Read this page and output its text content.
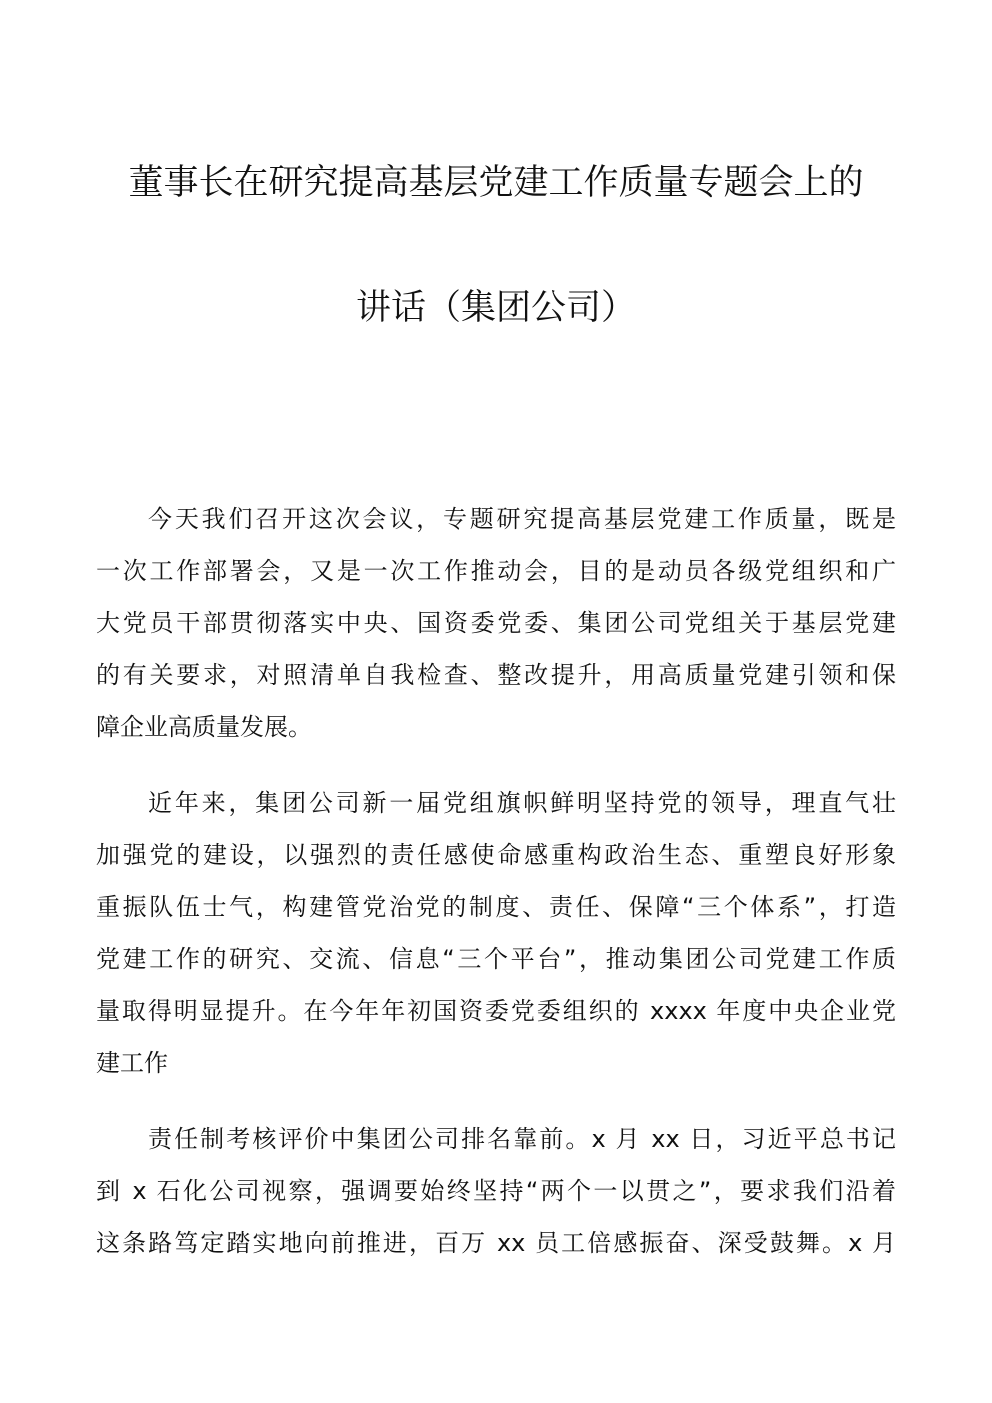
董事长在研究提高基层党建工作质量专题会上的
讲话（集团公司）
今天我们召开这次会议，专题研究提高基层党建工作质量，既是
一次工作部署会，又是一次工作推动会，目的是动员各级党组织和广
大党员干部贯彻落实中央、国资委党委、集团公司党组关于基层党建
的有关要求，对照清单自我检查、整改提升，用高质量党建引领和保
障企业高质量发展。
近年来，集团公司新一届党组旗帜鲜明坚持党的领导，理直气壮
加强党的建设，以强烈的责任感使命感重构政治生态、重塑良好形象
重振队伍士气，构建管党治党的制度、责任、保障“三个体系”，打造
党建工作的研究、交流、信息“三个平台”，推动集团公司党建工作质
量取得明显提升。在今年年初国资委党委组织的 xxxx 年度中央企业党
建工作
责任制考核评价中集团公司排名靠前。x 月 xx 日，习近平总书记
到 x 石化公司视察，强调要始终坚持“两个一以贯之”，要求我们沿着
这条路笃定踏实地向前推进，百万 xx 员工倍感振奋、深受鼓舞。x 月
